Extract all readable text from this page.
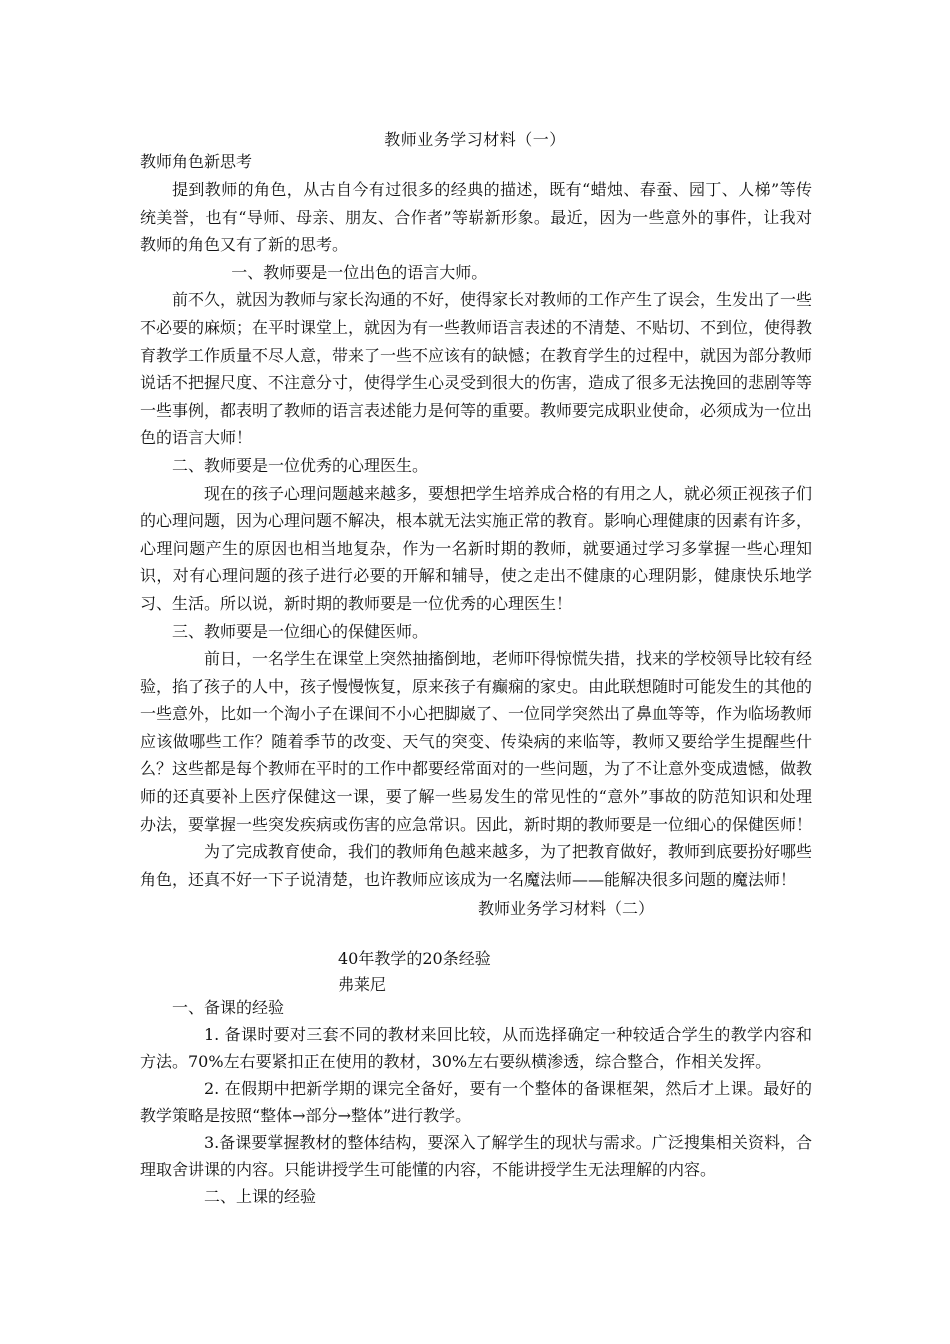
教师业务学习材料（一）
教师角色新思考

提到教师的角色，从古自今有过很多的经典的描述，既有“蜡烛、春蚕、园丁、人梯”等传统美誉，也有“导师、母亲、朋友、合作者”等崭新形象。最近，因为一些意外的事件，让我对教师的角色又有了新的思考。

一、教师要是一位出色的语言大师。

前不久，就因为教师与家长沟通的不好，使得家长对教师的工作产生了误会，生发出了一些不必要的麻烦；在平时课堂上，就因为有一些教师语言表述的不清楚、不贴切、不到位，使得教育教学工作质量不尽人意，带来了一些不应该有的缺憾；在教育学生的过程中，就因为部分教师说话不把握尺度、不注意分寸，使得学生心灵受到很大的伤害，造成了很多无法挽回的悲剧等等一些事例，都表明了教师的语言表述能力是何等的重要。教师要完成职业使命，必须成为一位出色的语言大师！

二、教师要是一位优秀的心理医生。

现在的孩子心理问题越来越多，要想把学生培养成合格的有用之人，就必须正视孩子们的心理问题，因为心理问题不解决，根本就无法实施正常的教育。影响心理健康的因素有许多，心理问题产生的原因也相当地复杂，作为一名新时期的教师，就要通过学习多掌握一些心理知识，对有心理问题的孩子进行必要的开解和辅导，使之走出不健康的心理阴影，健康快乐地学习、生活。所以说，新时期的教师要是一位优秀的心理医生！

三、教师要是一位细心的保健医师。

前日，一名学生在课堂上突然抽搐倒地，老师吓得惊慌失措，找来的学校领导比较有经验，掐了孩子的人中，孩子慢慢恢复，原来孩子有癫痫的家史。由此联想随时可能发生的其他的一些意外，比如一个淘小子在课间不小心把脚崴了、一位同学突然出了鼻血等等，作为临场教师应该做哪些工作？随着季节的改变、天气的突变、传染病的来临等，教师又要给学生提醒些什么？这些都是每个教师在平时的工作中都要经常面对的一些问题，为了不让意外变成遗憾，做教师的还真要补上医疗保健这一课，要了解一些易发生的常见性的“意外”事故的防范知识和处理办法，要掌握一些突发疾病或伤害的应急常识。因此，新时期的教师要是一位细心的保健医师！

为了完成教育使命，我们的教师角色越来越多，为了把教育做好，教师到底要扮好哪些角色，还真不好一下子说清楚，也许教师应该成为一名魔法师——能解决很多问题的魔法师！

教师业务学习材料（二）
40年教学的20条经验
弗莱尼

一、备课的经验

1. 备课时要对三套不同的教材来回比较，从而选择确定一种较适合学生的教学内容和方法。70%左右要紧扣正在使用的教材，30%左右要纵横渗透，综合整合，作相关发挥。

2. 在假期中把新学期的课完全备好，要有一个整体的备课框架，然后才上课。最好的教学策略是按照“整体→部分→整体”进行教学。

3.备课要掌握教材的整体结构，要深入了解学生的现状与需求。广泛搜集相关资料，合理取舍讲课的内容。只能讲授学生可能懂的内容，不能讲授学生无法理解的内容。

二、上课的经验
